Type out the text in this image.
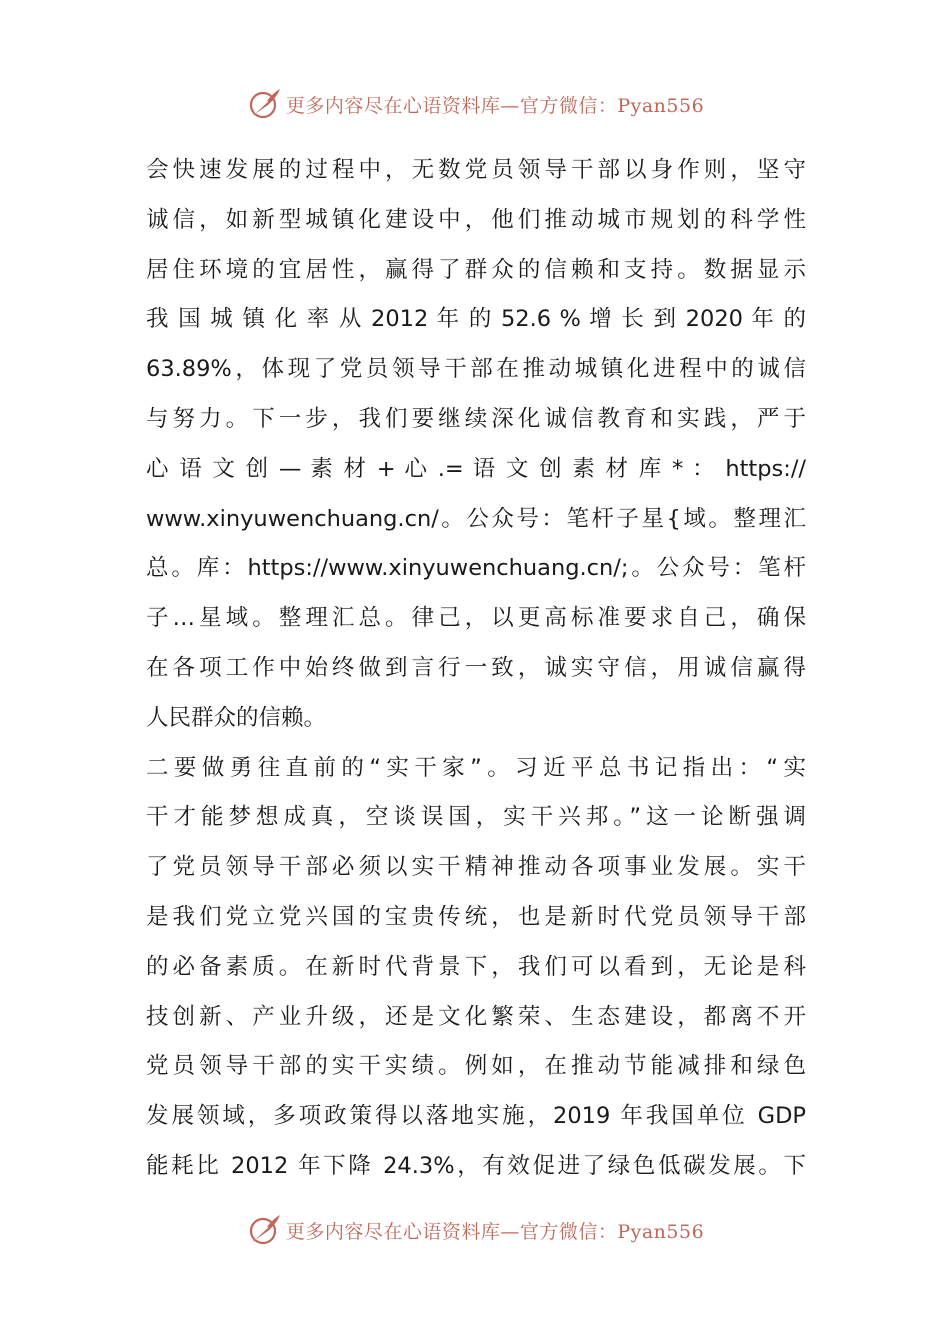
更多内容尽在心语资料库—官方微信：Pyan556
会快速发展的过程中，无数党员领导干部以身作则，坚守
诚信，如新型城镇化建设中，他们推动城市规划的科学性
居住环境的宜居性，赢得了群众的信赖和支持。数据显示
我 国 城 镇 化 率 从 2012 年 的 52.6 % 增 长 到 2020 年 的
63.89%，体现了党员领导干部在推动城镇化进程中的诚信
与努力。下一步，我们要继续深化诚信教育和实践，严于
心 语 文 创 — 素 材 + 心 .= 语 文 创 素 材 库 * ： https://
www.xinyuwenchuang.cn/。公众号：笔杆子星{域。整理汇
总。库：https://www.xinyuwenchuang.cn/;。公众号：笔杆
子…星域。整理汇总。律己，以更高标准要求自己，确保
在各项工作中始终做到言行一致，诚实守信，用诚信赢得
人民群众的信赖。
二要做勇往直前的“实干家”。习近平总书记指出：“实
干才能梦想成真，空谈误国，实干兴邦。”这一论断强调
了党员领导干部必须以实干精神推动各项事业发展。实干
是我们党立党兴国的宝贵传统，也是新时代党员领导干部
的必备素质。在新时代背景下，我们可以看到，无论是科
技创新、产业升级，还是文化繁荣、生态建设，都离不开
党员领导干部的实干实绩。例如，在推动节能减排和绿色
发展领域，多项政策得以落地实施，2019 年我国单位 GDP
能耗比 2012 年下降 24.3%，有效促进了绿色低碳发展。下
更多内容尽在心语资料库—官方微信：Pyan556
